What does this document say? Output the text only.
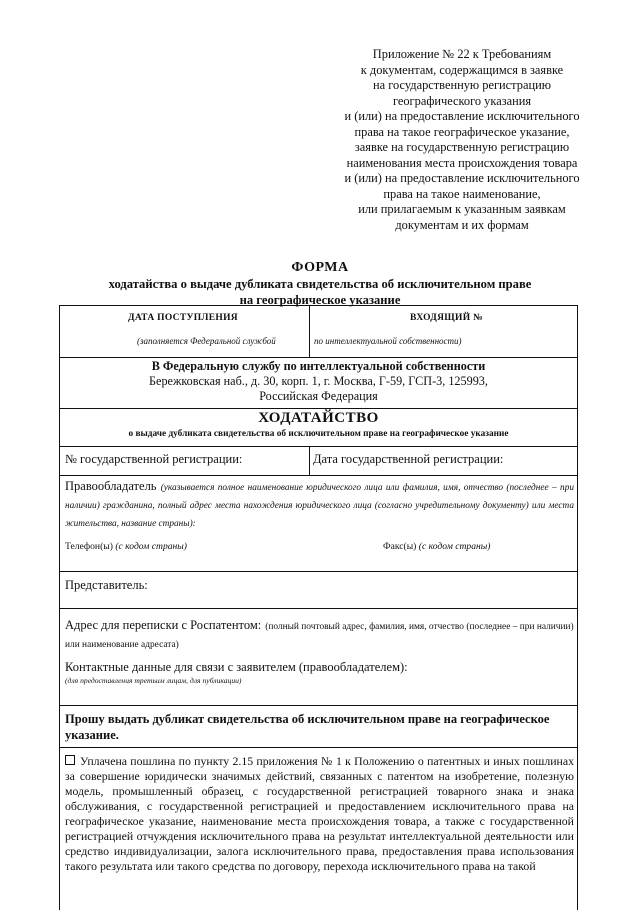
Приложение № 22 к Требованиям
к документам, содержащимся в заявке
на государственную регистрацию
географического указания
и (или) на предоставление исключительного
права на такое географическое указание,
заявке на государственную регистрацию
наименования места происхождения товара
и (или) на предоставление исключительного
права на такое наименование,
или прилагаемым к указанным заявкам
документам и их формам
ФОРМА
ходатайства о выдаче дубликата свидетельства об исключительном праве
на географическое указание
ДАТА ПОСТУПЛЕНИЯ	ВХОДЯЩИЙ №
(заполняется Федеральной службой	по интеллектуальной собственности)
В Федеральную службу по интеллектуальной собственности
Бережковская наб., д. 30, корп. 1, г. Москва, Г-59, ГСП-3, 125993,
Российская Федерация
ХОДАТАЙСТВО
о выдаче дубликата свидетельства об исключительном праве на географическое указание
№ государственной регистрации:	Дата государственной регистрации:
Правообладатель (указывается полное наименование юридического лица или фамилия, имя, отчество (последнее – при наличии) гражданина, полный адрес места нахождения юридического лица (согласно учредительному документу) или места жительства, название страны):
Телефон(ы) (с кодом страны)	Факс(ы) (с кодом страны)
Представитель:
Адрес для переписки с Роспатентом: (полный почтовый адрес, фамилия, имя, отчество (последнее – при наличии) или наименование адресата)
Контактные данные для связи с заявителем (правообладателем):
(для предоставления третьим лицам, для публикации)
Прошу выдать дубликат свидетельства об исключительном праве на географическое указание.
Уплачена пошлина по пункту 2.15 приложения № 1 к Положению о патентных и иных пошлинах за совершение юридически значимых действий, связанных с патентом на изобретение, полезную модель, промышленный образец, с государственной регистрацией товарного знака и знака обслуживания, с государственной регистрацией и предоставлением исключительного права на географическое указание, наименование места происхождения товара, а также с государственной регистрацией отчуждения исключительного права на результат интеллектуальной деятельности или средство индивидуализации, залога исключительного права, предоставления права использования такого результата или такого средства по договору, перехода исключительного права на такой
